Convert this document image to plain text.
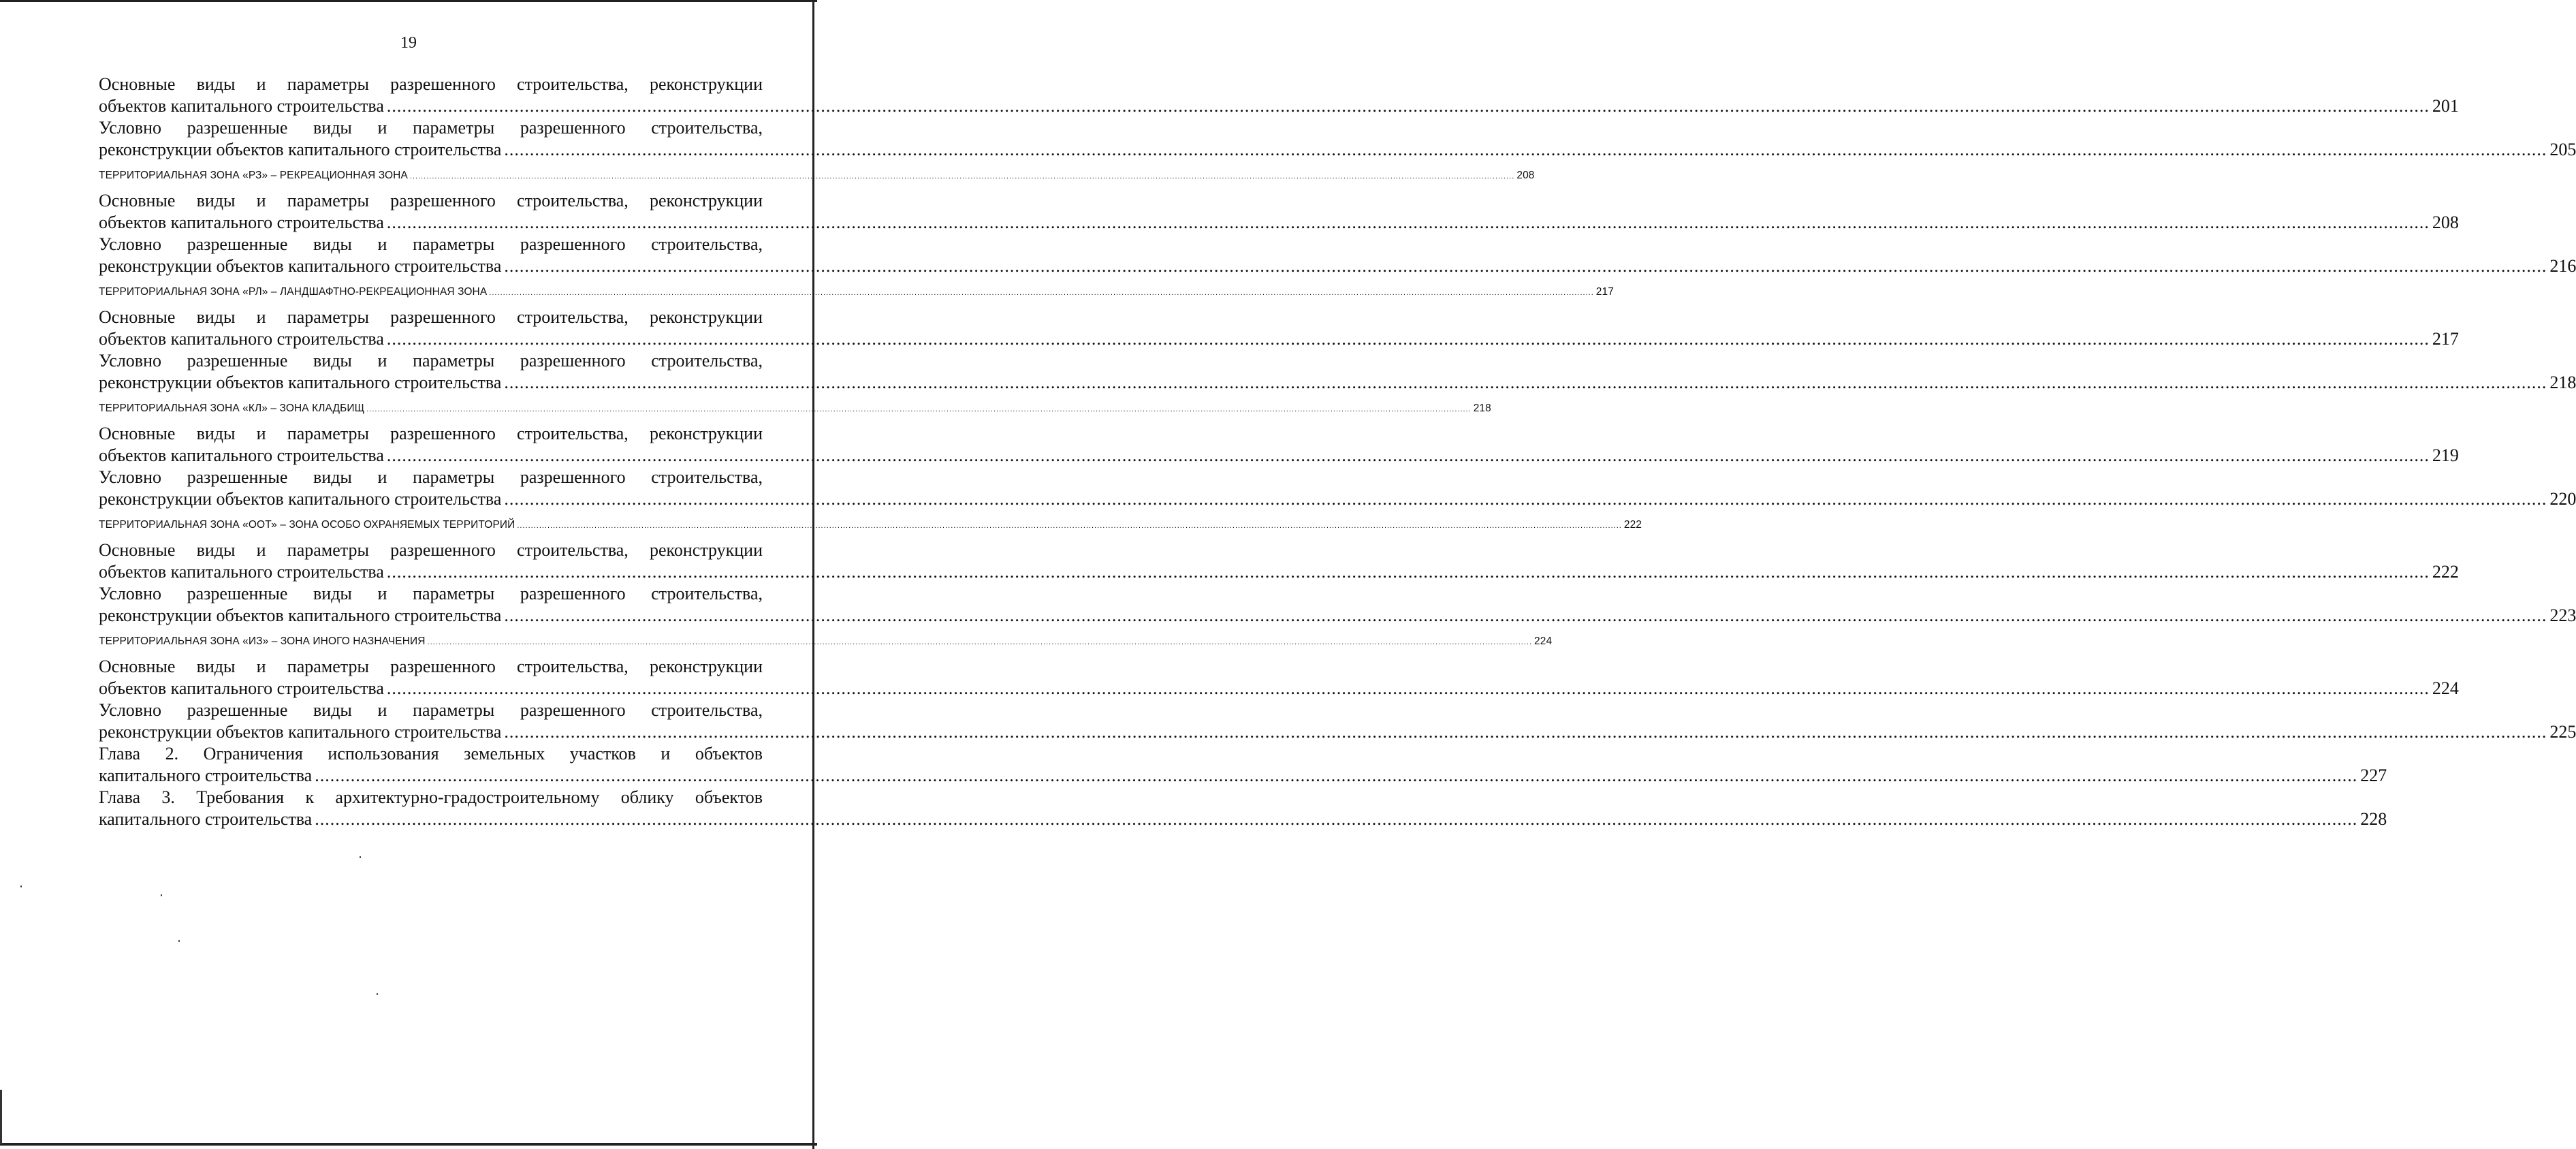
19
Основные виды и параметры разрешенного строительства, реконструкции
объектов капитального строительства ................................................................................................................................................................................................................................................................................................................................................................................................................ 201
Условно разрешенные виды и параметры разрешенного строительства,
реконструкции объектов капитального строительства ................................................................................................................................................................................................................................................................................................................................................................................................................ 205
ТЕРРИТОРИАЛЬНАЯ ЗОНА «РЗ» – РЕКРЕАЦИОННАЯ ЗОНА ................................................................................................................................................................................................................................................................................................................................................................................................................ 208
Основные виды и параметры разрешенного строительства, реконструкции
объектов капитального строительства ................................................................................................................................................................................................................................................................................................................................................................................................................ 208
Условно разрешенные виды и параметры разрешенного строительства,
реконструкции объектов капитального строительства ................................................................................................................................................................................................................................................................................................................................................................................................................ 216
ТЕРРИТОРИАЛЬНАЯ ЗОНА «РЛ» – ЛАНДШАФТНО-РЕКРЕАЦИОННАЯ ЗОНА ................................................................................................................................................................................................................................................................................................................................................................................................................ 217
Основные виды и параметры разрешенного строительства, реконструкции
объектов капитального строительства ................................................................................................................................................................................................................................................................................................................................................................................................................ 217
Условно разрешенные виды и параметры разрешенного строительства,
реконструкции объектов капитального строительства ................................................................................................................................................................................................................................................................................................................................................................................................................ 218
ТЕРРИТОРИАЛЬНАЯ ЗОНА «КЛ» – ЗОНА КЛАДБИЩ ................................................................................................................................................................................................................................................................................................................................................................................................................ 218
Основные виды и параметры разрешенного строительства, реконструкции
объектов капитального строительства ................................................................................................................................................................................................................................................................................................................................................................................................................ 219
Условно разрешенные виды и параметры разрешенного строительства,
реконструкции объектов капитального строительства ................................................................................................................................................................................................................................................................................................................................................................................................................ 220
ТЕРРИТОРИАЛЬНАЯ ЗОНА «ООТ» – ЗОНА ОСОБО ОХРАНЯЕМЫХ ТЕРРИТОРИЙ ................................................................................................................................................................................................................................................................................................................................................................................................................ 222
Основные виды и параметры разрешенного строительства, реконструкции
объектов капитального строительства ................................................................................................................................................................................................................................................................................................................................................................................................................ 222
Условно разрешенные виды и параметры разрешенного строительства,
реконструкции объектов капитального строительства ................................................................................................................................................................................................................................................................................................................................................................................................................ 223
ТЕРРИТОРИАЛЬНАЯ ЗОНА «ИЗ» – ЗОНА ИНОГО НАЗНАЧЕНИЯ ................................................................................................................................................................................................................................................................................................................................................................................................................ 224
Основные виды и параметры разрешенного строительства, реконструкции
объектов капитального строительства ................................................................................................................................................................................................................................................................................................................................................................................................................ 224
Условно разрешенные виды и параметры разрешенного строительства,
реконструкции объектов капитального строительства ................................................................................................................................................................................................................................................................................................................................................................................................................ 225
Глава 2. Ограничения использования земельных участков и объектов
капитального строительства ................................................................................................................................................................................................................................................................................................................................................................................................................ 227
Глава 3. Требования к архитектурно-градостроительному облику объектов
капитального строительства ................................................................................................................................................................................................................................................................................................................................................................................................................ 228
